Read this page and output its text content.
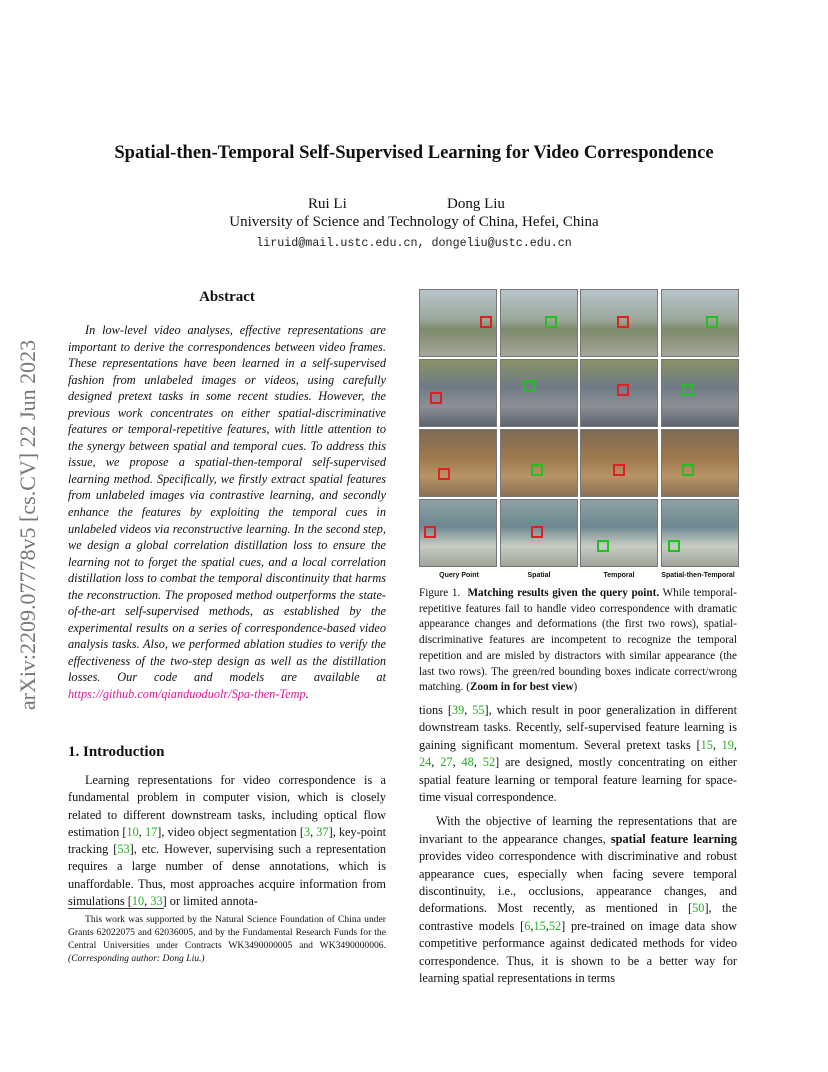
Spatial-then-Temporal Self-Supervised Learning for Video Correspondence
Rui Li	Dong Liu
University of Science and Technology of China, Hefei, China
liruid@mail.ustc.edu.cn, dongeliu@ustc.edu.cn
arXiv:2209.07778v5 [cs.CV] 22 Jun 2023
Abstract
In low-level video analyses, effective representations are important to derive the correspondences between video frames. These representations have been learned in a self-supervised fashion from unlabeled images or videos, using carefully designed pretext tasks in some recent studies. However, the previous work concentrates on either spatial-discriminative features or temporal-repetitive features, with little attention to the synergy between spatial and temporal cues. To address this issue, we propose a spatial-then-temporal self-supervised learning method. Specifically, we firstly extract spatial features from unlabeled images via contrastive learning, and secondly enhance the features by exploiting the temporal cues in unlabeled videos via reconstructive learning. In the second step, we design a global correlation distillation loss to ensure the learning not to forget the spatial cues, and a local correlation distillation loss to combat the temporal discontinuity that harms the reconstruction. The proposed method outperforms the state-of-the-art self-supervised methods, as established by the experimental results on a series of correspondence-based video analysis tasks. Also, we performed ablation studies to verify the effectiveness of the two-step design as well as the distillation losses. Our code and models are available at https://github.com/qianduoduolr/Spa-then-Temp.
1. Introduction
Learning representations for video correspondence is a fundamental problem in computer vision, which is closely related to different downstream tasks, including optical flow estimation [10, 17], video object segmentation [3, 37], key-point tracking [53], etc. However, supervising such a representation requires a large number of dense annotations, which is unaffordable. Thus, most approaches acquire information from simulations [10, 33] or limited annota-
This work was supported by the Natural Science Foundation of China under Grants 62022075 and 62036005, and by the Fundamental Research Funds for the Central Universities under Contracts WK3490000005 and WK3490000006. (Corresponding author: Dong Liu.)
Query Point	Spatial	Temporal	Spatial-then-Temporal
Figure 1. Matching results given the query point. While temporal-repetitive features fail to handle video correspondence with dramatic appearance changes and deformations (the first two rows), spatial-discriminative features are incompetent to recognize the temporal repetition and are misled by distractors with similar appearance (the last two rows). The green/red bounding boxes indicate correct/wrong matching. (Zoom in for best view)

tions [39, 55], which result in poor generalization in different downstream tasks. Recently, self-supervised feature learning is gaining significant momentum. Several pretext tasks [15, 19, 24, 27, 48, 52] are designed, mostly concentrating on either spatial feature learning or temporal feature learning for space-time visual correspondence.

With the objective of learning the representations that are invariant to the appearance changes, spatial feature learning provides video correspondence with discriminative and robust appearance cues, especially when facing severe temporal discontinuity, i.e., occlusions, appearance changes, and deformations. Most recently, as mentioned in [50], the contrastive models [6,15,52] pre-trained on image data show competitive performance against dedicated methods for video correspondence. Thus, it is shown to be a better way for learning spatial representations in terms
